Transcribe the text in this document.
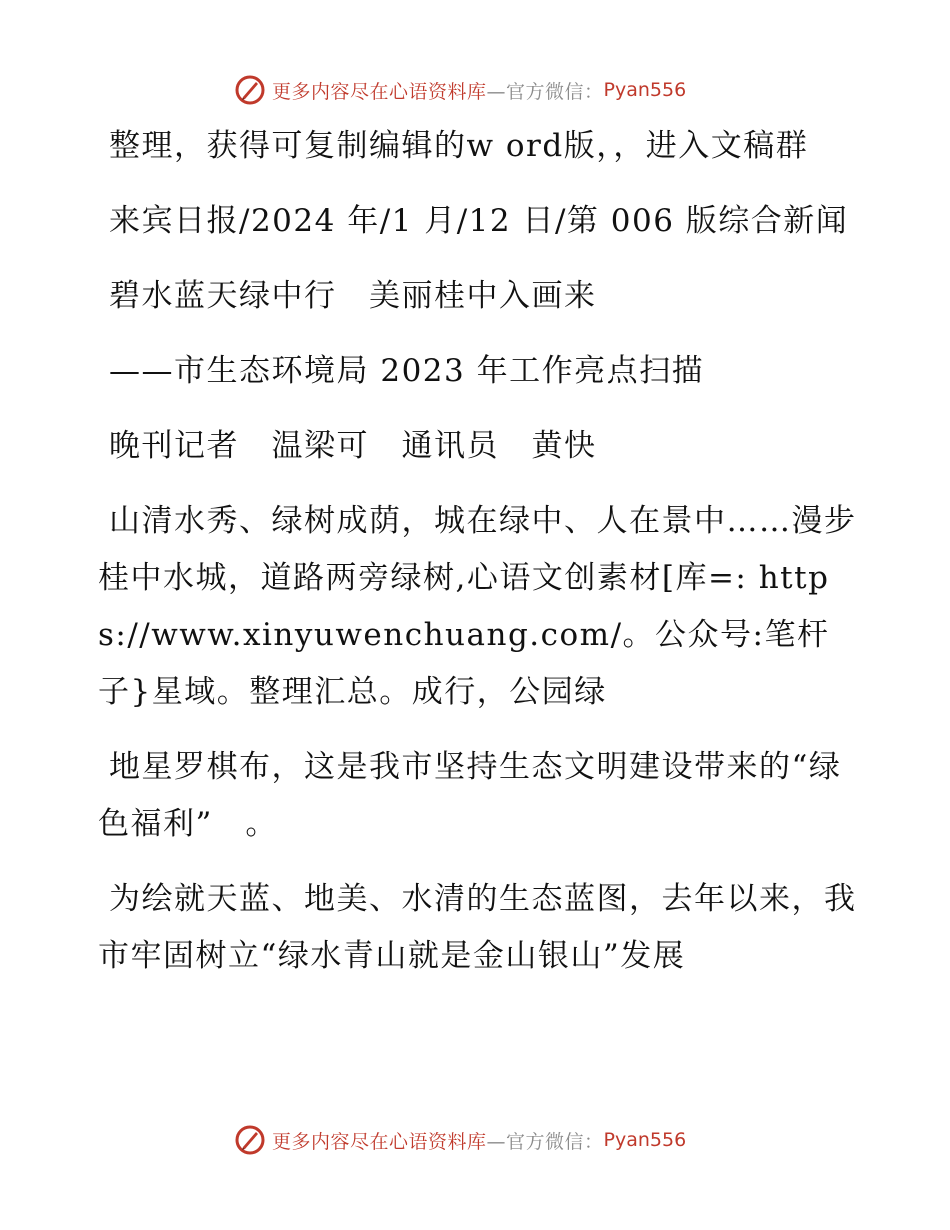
更多内容尽在心语资料库 —官方微信： Pyan556

整理，获得可复制编辑的w ord版，，进入文稿群

来宾日报/2024 年/1 月/12 日/第 006 版综合新闻

碧水蓝天绿中行　美丽桂中入画来

——市生态环境局 2023 年工作亮点扫描

晚刊记者　温梁可　通讯员　黄快

山清水秀、绿树成荫，城在绿中、人在景中……漫步桂中水城，道路两旁绿树,心语文创素材[库=: https://www.xinyuwenchuang.com/。公众号:笔杆子}星域。整理汇总。成行，公园绿

地星罗棋布，这是我市坚持生态文明建设带来的“绿色福利”　。

为绘就天蓝、地美、水清的生态蓝图，去年以来，我市牢固树立“绿水青山就是金山银山”发展

更多内容尽在心语资料库 —官方微信： Pyan556
